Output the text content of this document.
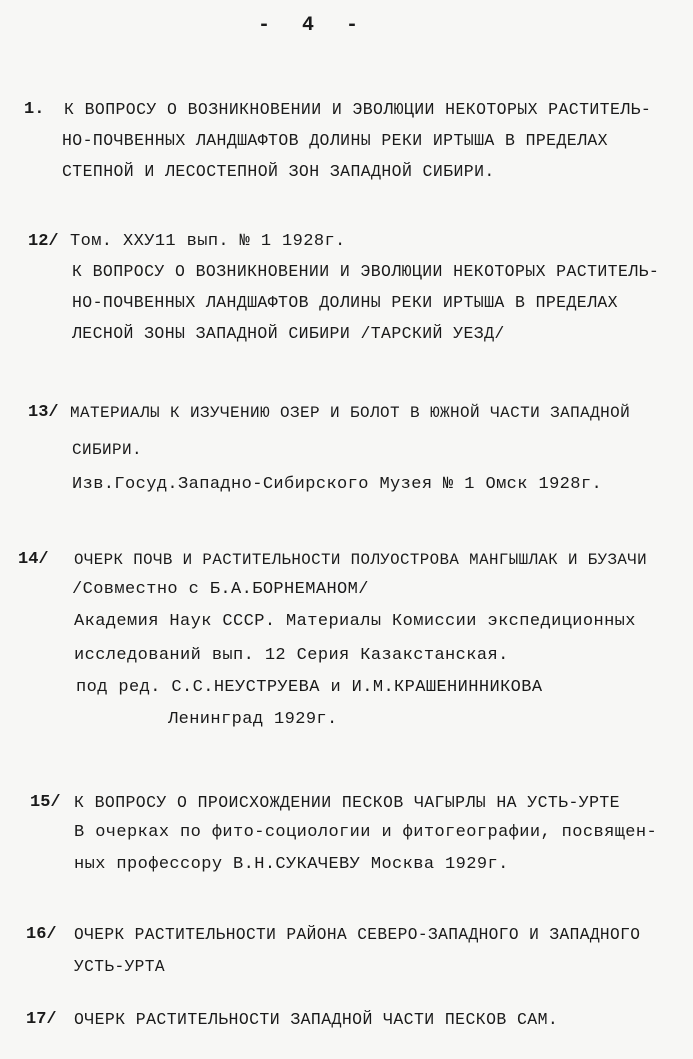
- 4 -
1. К ВОПРОСУ О ВОЗНИКНОВЕНИИ И ЭВОЛЮЦИИ НЕКОТОРЫХ РАСТИТЕЛЬ-
НО-ПОЧВЕННЫХ ЛАНДШАФТОВ ДОЛИНЫ РЕКИ ИРТЫША В ПРЕДЕЛАХ
СТЕПНОЙ И ЛЕСОСТЕПНОЙ ЗОН ЗАПАДНОЙ СИБИРИ.
12/ Том. ХХУ11 вып. № 1 1928г.
К ВОПРОСУ О ВОЗНИКНОВЕНИИ И ЭВОЛЮЦИИ НЕКОТОРЫХ РАСТИТЕЛЬ-
НО-ПОЧВЕННЫХ ЛАНДШАФТОВ ДОЛИНЫ РЕКИ ИРТЫША В ПРЕДЕЛАХ
ЛЕСНОЙ ЗОНЫ ЗАПАДНОЙ СИБИРИ /ТАРСКИЙ УЕЗД/
13/ МАТЕРИАЛЫ К ИЗУЧЕНИЮ ОЗЕР И БОЛОТ В ЮЖНОЙ ЧАСТИ ЗАПАДНОЙ
СИБИРИ.
Изв.Госуд.Западно-Сибирского Музея № 1 Омск 1928г.
14/ ОЧЕРК ПОЧВ И РАСТИТЕЛЬНОСТИ ПОЛУОСТРОВА МАНГЫШЛАК И БУЗАЧИ
/Совместно с Б.А.БОРНЕМАНОМ/
Академия Наук СССР. Материалы Комиссии экспедиционных
исследований вып. 12 Серия Казакстанская.
под ред. С.С.НЕУСТРУЕВА и И.М.КРАШЕНИННИКОВА
Ленинград 1929г.
15/ К ВОПРОСУ О ПРОИСХОЖДЕНИИ ПЕСКОВ ЧАГЫРЛЫ НА УСТЬ-УРТЕ
В очерках по фито-социологии и фитогеографии, посвящен-
ных профессору В.Н.СУКАЧЕВУ Москва 1929г.
16/ ОЧЕРК РАСТИТЕЛЬНОСТИ РАЙОНА СЕВЕРО-ЗАПАДНОГО И ЗАПАДНОГО
УСТЬ-УРТА
17/ ОЧЕРК РАСТИТЕЛЬНОСТИ ЗАПАДНОЙ ЧАСТИ ПЕСКОВ САМ.
